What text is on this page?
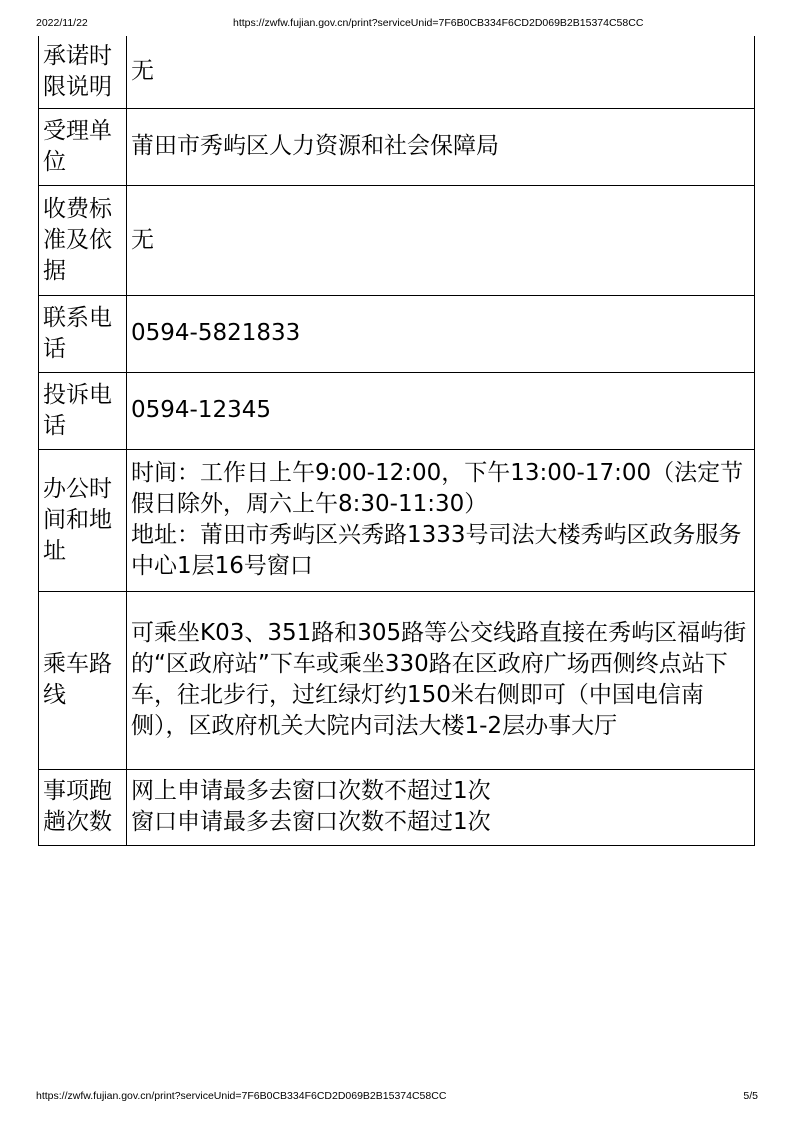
2022/11/22	https://zwfw.fujian.gov.cn/print?serviceUnid=7F6B0CB334F6CD2D069B2B15374C58CC
承诺时限说明	无

受理单位	莆田市秀屿区人力资源和社会保障局

收费标准及依据	无

联系电话	0594-5821833

投诉电话	0594-12345

办公时间和地址	时间：工作日上午9:00-12:00，下午13:00-17:00（法定节假日除外，周六上午8:30-11:30）
地址：莆田市秀屿区兴秀路1333号司法大楼秀屿区政务服务中心1层16号窗口

乘车路线	可乘坐K03、351路和305路等公交线路直接在秀屿区福屿街的“区政府站”下车或乘坐330路在区政府广场西侧终点站下车，往北步行，过红绿灯约150米右侧即可（中国电信南侧），区政府机关大院内司法大楼1-2层办事大厅

事项跑趟次数	网上申请最多去窗口次数不超过1次
窗口申请最多去窗口次数不超过1次
https://zwfw.fujian.gov.cn/print?serviceUnid=7F6B0CB334F6CD2D069B2B15374C58CC	5/5
